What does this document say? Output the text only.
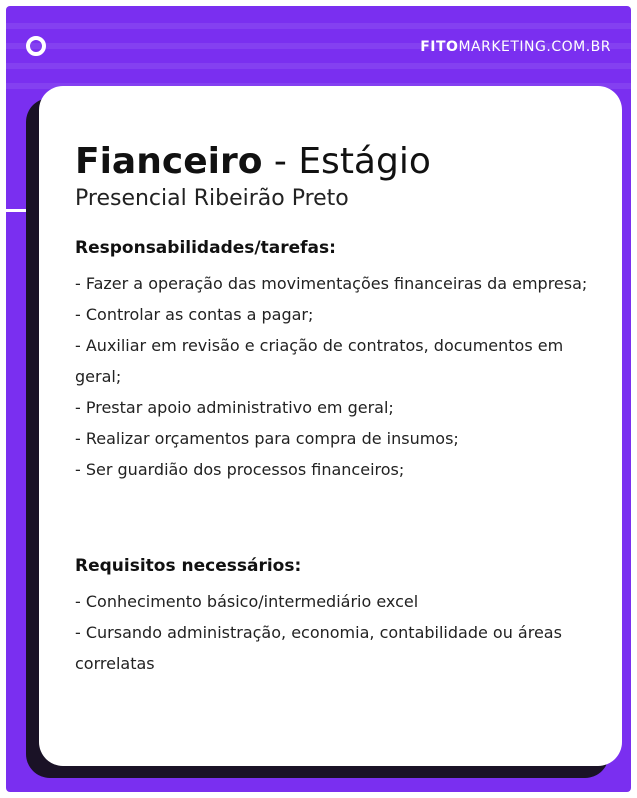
FITOMARKETING.COM.BR
Fianceiro - Estágio

Presencial Ribeirão Preto

Responsabilidades/tarefas:

- Fazer a operação das movimentações financeiras da empresa;
- Controlar as contas a pagar;
- Auxiliar em revisão e criação de contratos, documentos em geral;
- Prestar apoio administrativo em geral;
- Realizar orçamentos para compra de insumos;
- Ser guardião dos processos financeiros;

Requisitos necessários:

- Conhecimento básico/intermediário excel
- Cursando administração, economia, contabilidade ou áreas correlatas
